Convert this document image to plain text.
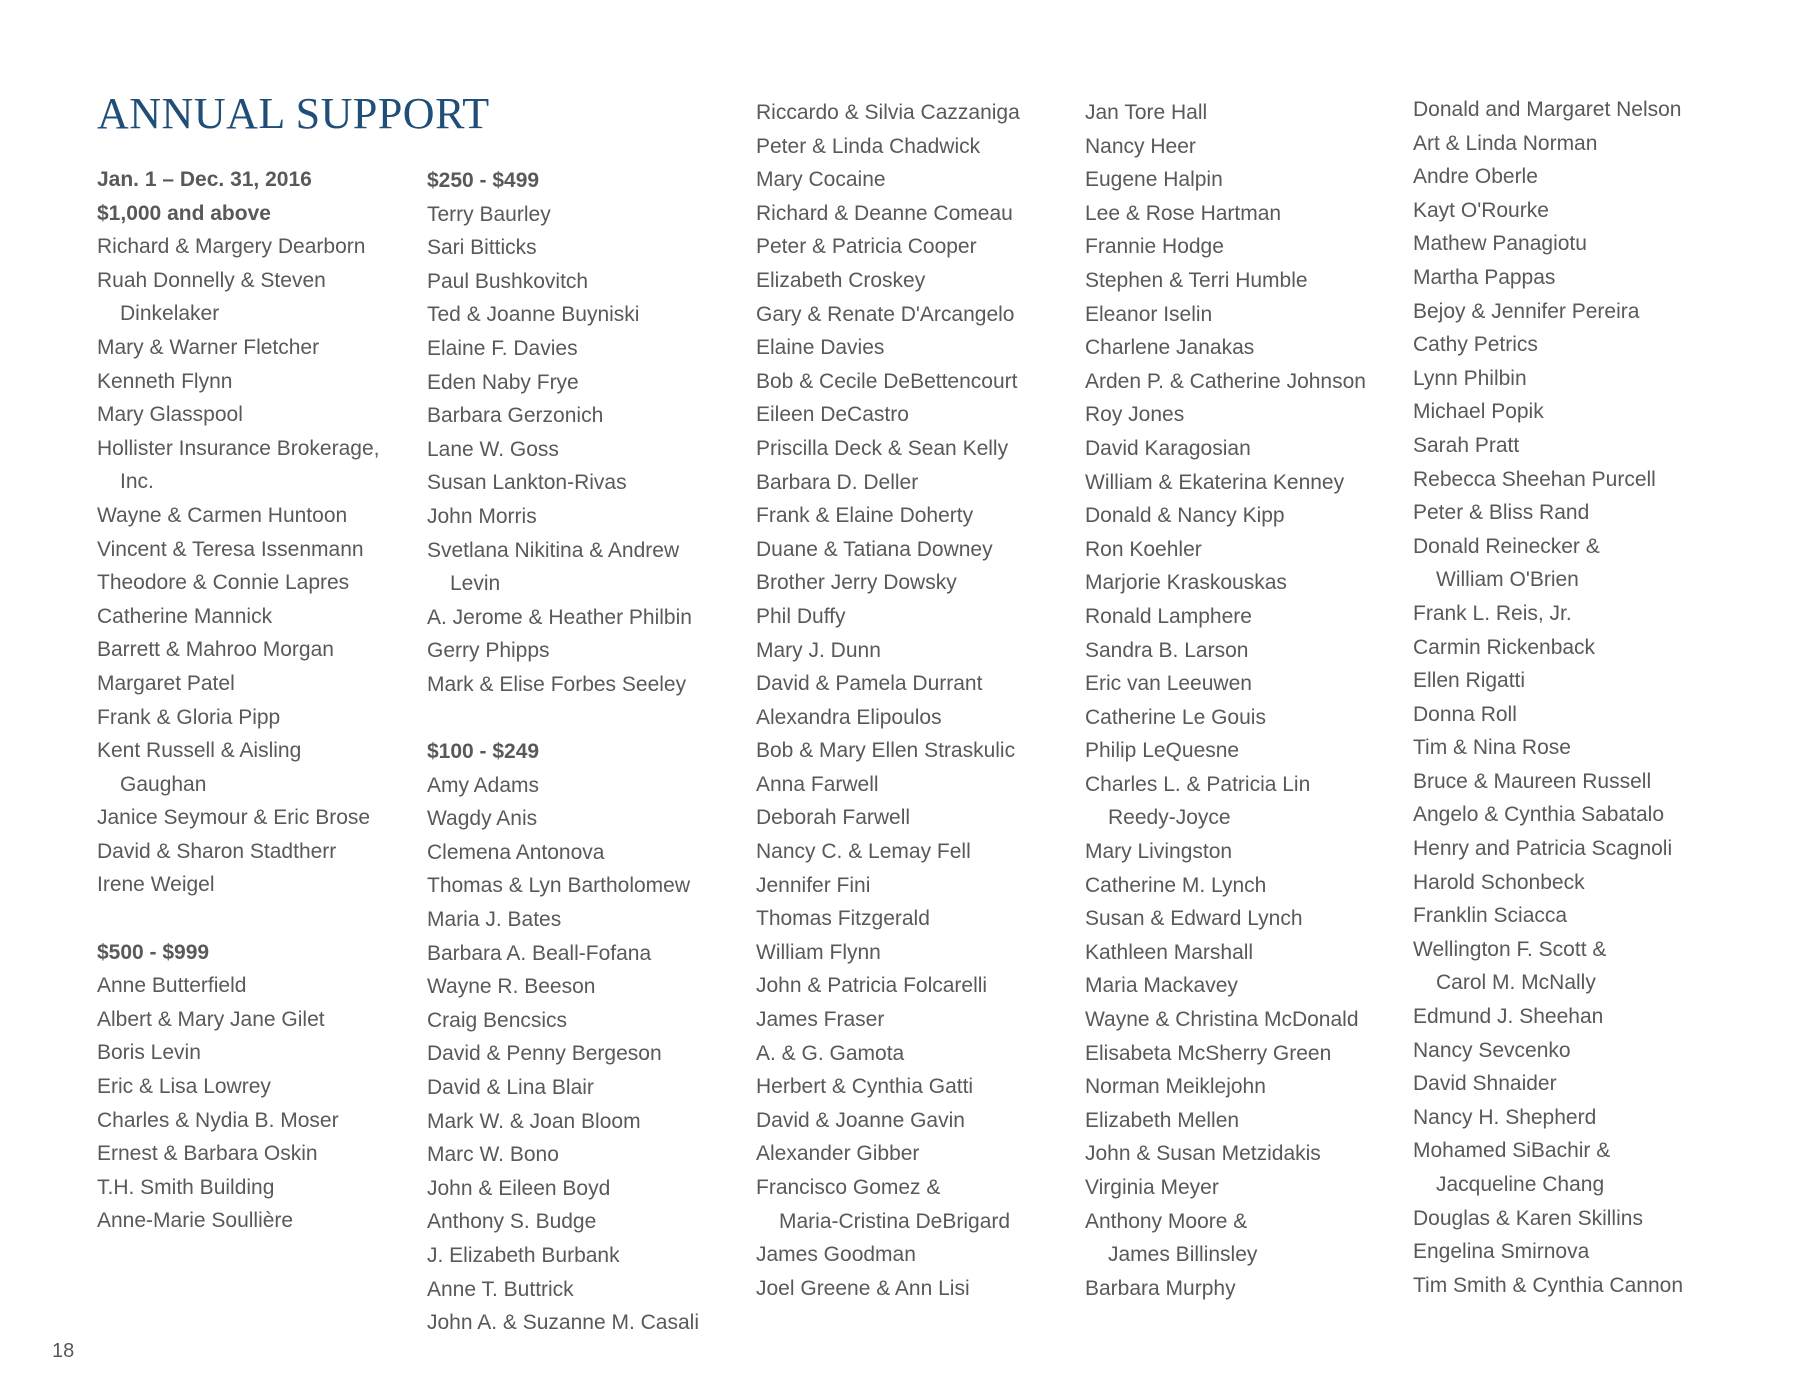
ANNUAL SUPPORT
Jan. 1 – Dec. 31, 2016
$1,000 and above
Richard & Margery Dearborn
Ruah Donnelly & Steven
Dinkelaker
Mary & Warner Fletcher
Kenneth Flynn
Mary Glasspool
Hollister Insurance Brokerage,
Inc.
Wayne & Carmen Huntoon
Vincent & Teresa Issenmann
Theodore & Connie Lapres
Catherine Mannick
Barrett & Mahroo Morgan
Margaret Patel
Frank & Gloria Pipp
Kent Russell & Aisling
Gaughan
Janice Seymour & Eric Brose
David & Sharon Stadtherr
Irene Weigel
$500 - $999
Anne Butterfield
Albert & Mary Jane Gilet
Boris Levin
Eric & Lisa Lowrey
Charles & Nydia B. Moser
Ernest & Barbara Oskin
T.H. Smith Building
Anne-Marie Soullière
$250 - $499
Terry Baurley
Sari Bitticks
Paul Bushkovitch
Ted & Joanne Buyniski
Elaine F. Davies
Eden Naby Frye
Barbara Gerzonich
Lane W. Goss
Susan Lankton-Rivas
John Morris
Svetlana Nikitina & Andrew
Levin
A. Jerome & Heather Philbin
Gerry Phipps
Mark & Elise Forbes Seeley
$100 - $249
Amy Adams
Wagdy Anis
Clemena Antonova
Thomas & Lyn Bartholomew
Maria J. Bates
Barbara A. Beall-Fofana
Wayne R. Beeson
Craig Bencsics
David & Penny Bergeson
David & Lina Blair
Mark W. & Joan Bloom
Marc W. Bono
John & Eileen Boyd
Anthony S. Budge
J. Elizabeth Burbank
Anne T. Buttrick
John A. & Suzanne M. Casali
Riccardo & Silvia Cazzaniga
Peter & Linda Chadwick
Mary Cocaine
Richard & Deanne Comeau
Peter & Patricia Cooper
Elizabeth Croskey
Gary & Renate D'Arcangelo
Elaine Davies
Bob & Cecile DeBettencourt
Eileen DeCastro
Priscilla Deck & Sean Kelly
Barbara D. Deller
Frank & Elaine Doherty
Duane & Tatiana Downey
Brother Jerry Dowsky
Phil Duffy
Mary J. Dunn
David & Pamela Durrant
Alexandra Elipoulos
Bob & Mary Ellen Straskulic
Anna Farwell
Deborah Farwell
Nancy C. & Lemay Fell
Jennifer Fini
Thomas Fitzgerald
William Flynn
John & Patricia Folcarelli
James Fraser
A. & G. Gamota
Herbert & Cynthia Gatti
David & Joanne Gavin
Alexander Gibber
Francisco Gomez &
Maria-Cristina DeBrigard
James Goodman
Joel Greene & Ann Lisi
Jan Tore Hall
Nancy Heer
Eugene Halpin
Lee & Rose Hartman
Frannie Hodge
Stephen & Terri Humble
Eleanor Iselin
Charlene Janakas
Arden P. & Catherine Johnson
Roy Jones
David Karagosian
William & Ekaterina Kenney
Donald & Nancy Kipp
Ron Koehler
Marjorie Kraskouskas
Ronald Lamphere
Sandra B. Larson
Eric van Leeuwen
Catherine Le Gouis
Philip LeQuesne
Charles L. & Patricia Lin
Reedy-Joyce
Mary Livingston
Catherine M. Lynch
Susan & Edward Lynch
Kathleen Marshall
Maria Mackavey
Wayne & Christina McDonald
Elisabeta McSherry Green
Norman Meiklejohn
Elizabeth Mellen
John & Susan Metzidakis
Virginia Meyer
Anthony Moore &
James Billinsley
Barbara Murphy
Donald and Margaret Nelson
Art & Linda Norman
Andre Oberle
Kayt O'Rourke
Mathew Panagiotu
Martha Pappas
Bejoy & Jennifer Pereira
Cathy Petrics
Lynn Philbin
Michael Popik
Sarah Pratt
Rebecca Sheehan Purcell
Peter & Bliss Rand
Donald Reinecker &
William O'Brien
Frank L. Reis, Jr.
Carmin Rickenback
Ellen Rigatti
Donna Roll
Tim & Nina Rose
Bruce & Maureen Russell
Angelo & Cynthia Sabatalo
Henry and Patricia Scagnoli
Harold Schonbeck
Franklin Sciacca
Wellington F. Scott &
Carol M. McNally
Edmund J. Sheehan
Nancy Sevcenko
David Shnaider
Nancy H. Shepherd
Mohamed SiBachir &
Jacqueline Chang
Douglas & Karen Skillins
Engelina Smirnova
Tim Smith & Cynthia Cannon
18
